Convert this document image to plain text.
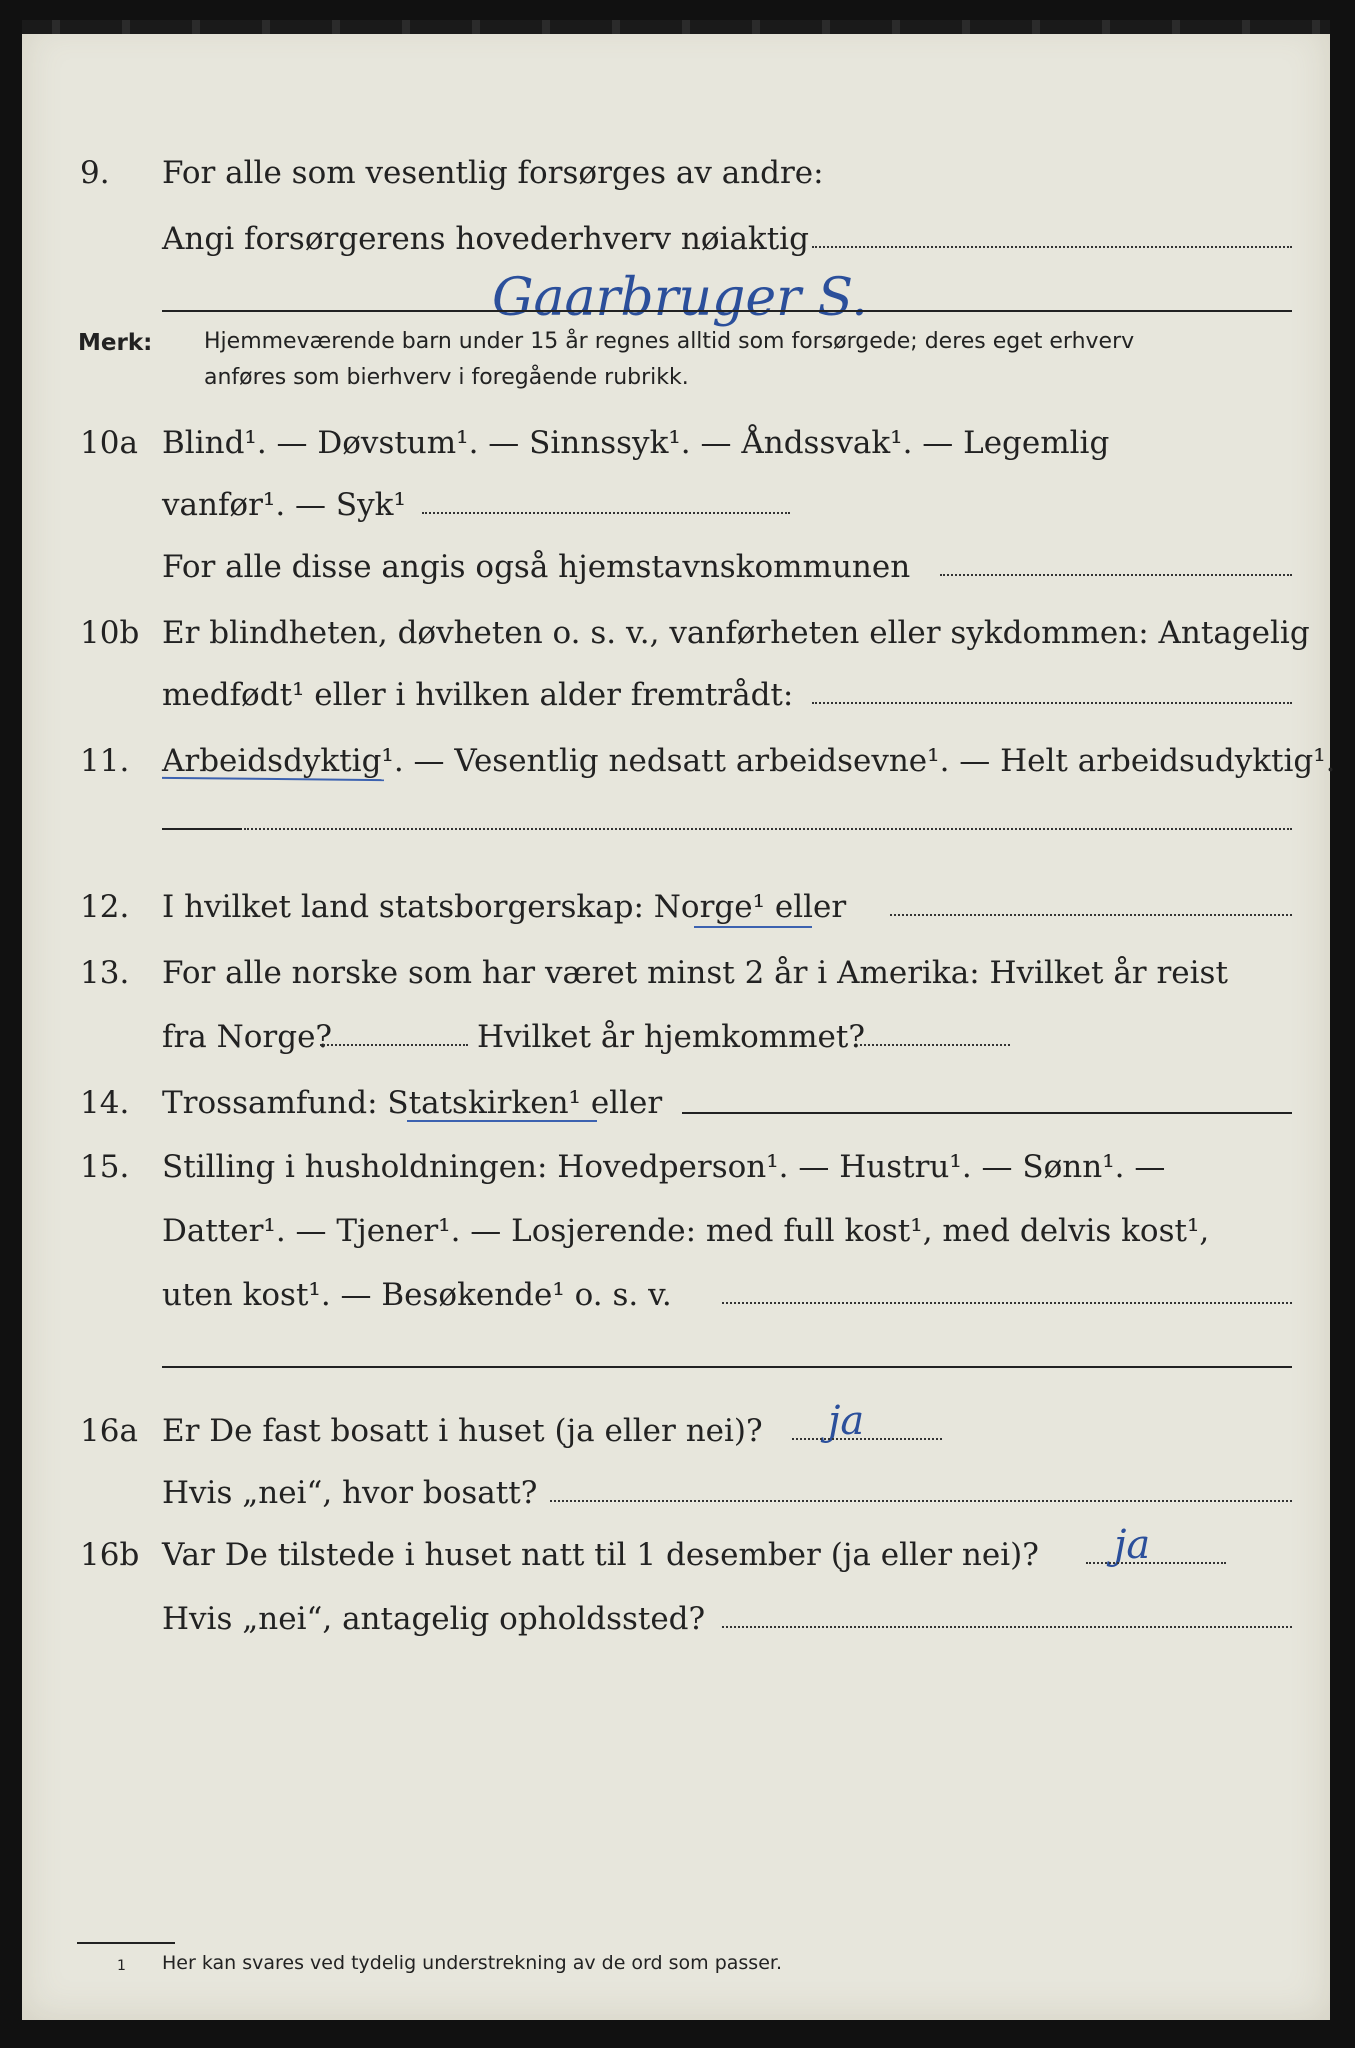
9. For alle som vesentlig forsørges av andre:
Angi forsørgerens hovederhverv nøiaktig
Gaarbruger S.
Merk: Hjemmeværende barn under 15 år regnes alltid som forsørgede; deres eget erhverv
anføres som bierhverv i foregående rubrikk.
10a Blind¹. — Døvstum¹. — Sinnssyk¹. — Åndssvak¹. — Legemlig
vanfør¹. — Syk¹
For alle disse angis også hjemstavnskommunen
10b Er blindheten, døvheten o. s. v., vanførheten eller sykdommen: Antagelig
medfødt¹ eller i hvilken alder fremtrådt:
11. Arbeidsdyktig¹. — Vesentlig nedsatt arbeidsevne¹. — Helt arbeidsudyktig¹.
12. I hvilket land statsborgerskap: Norge¹ eller
13. For alle norske som har været minst 2 år i Amerika: Hvilket år reist
fra Norge?	Hvilket år hjemkommet?
14. Trossamfund: Statskirken¹ eller
15. Stilling i husholdningen: Hovedperson¹. — Hustru¹. — Sønn¹. —
Datter¹. — Tjener¹. — Losjerende: med full kost¹, med delvis kost¹,
uten kost¹. — Besøkende¹ o. s. v.
16a Er De fast bosatt i huset (ja eller nei)? ja
Hvis „nei“, hvor bosatt?
16b Var De tilstede i huset natt til 1 desember (ja eller nei)? ja
Hvis „nei“, antagelig opholdssted?
1 Her kan svares ved tydelig understrekning av de ord som passer.
